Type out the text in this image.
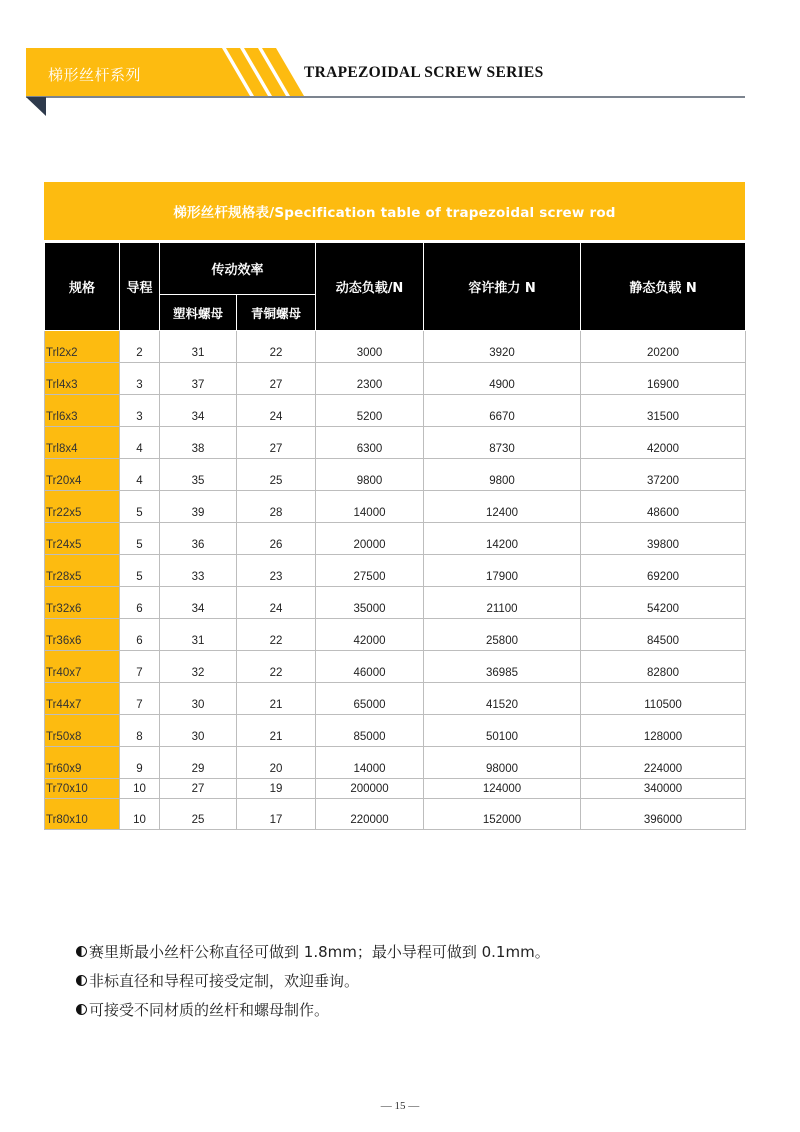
梯形丝杆系列	TRAPEZOIDAL SCREW SERIES
梯形丝杆规格表/Specification table of trapezoidal screw rod
规格	导程	传动效率		动态负载/N	容许推力 N	静态负载 N
		塑料螺母	青铜螺母			
Trl2x2	2	31	22	3000	3920	20200
Trl4x3	3	37	27	2300	4900	16900
Trl6x3	3	34	24	5200	6670	31500
Trl8x4	4	38	27	6300	8730	42000
Tr20x4	4	35	25	9800	9800	37200
Tr22x5	5	39	28	14000	12400	48600
Tr24x5	5	36	26	20000	14200	39800
Tr28x5	5	33	23	27500	17900	69200
Tr32x6	6	34	24	35000	21100	54200
Tr36x6	6	31	22	42000	25800	84500
Tr40x7	7	32	22	46000	36985	82800
Tr44x7	7	30	21	65000	41520	110500
Tr50x8	8	30	21	85000	50100	128000
Tr60x9	9	29	20	14000	98000	224000
Tr70x10	10	27	19	200000	124000	340000
Tr80x10	10	25	17	220000	152000	396000
赛里斯最小丝杆公称直径可做到 1.8mm；最小导程可做到 0.1mm。
非标直径和导程可接受定制，欢迎垂询。
可接受不同材质的丝杆和螺母制作。
— 15 —
